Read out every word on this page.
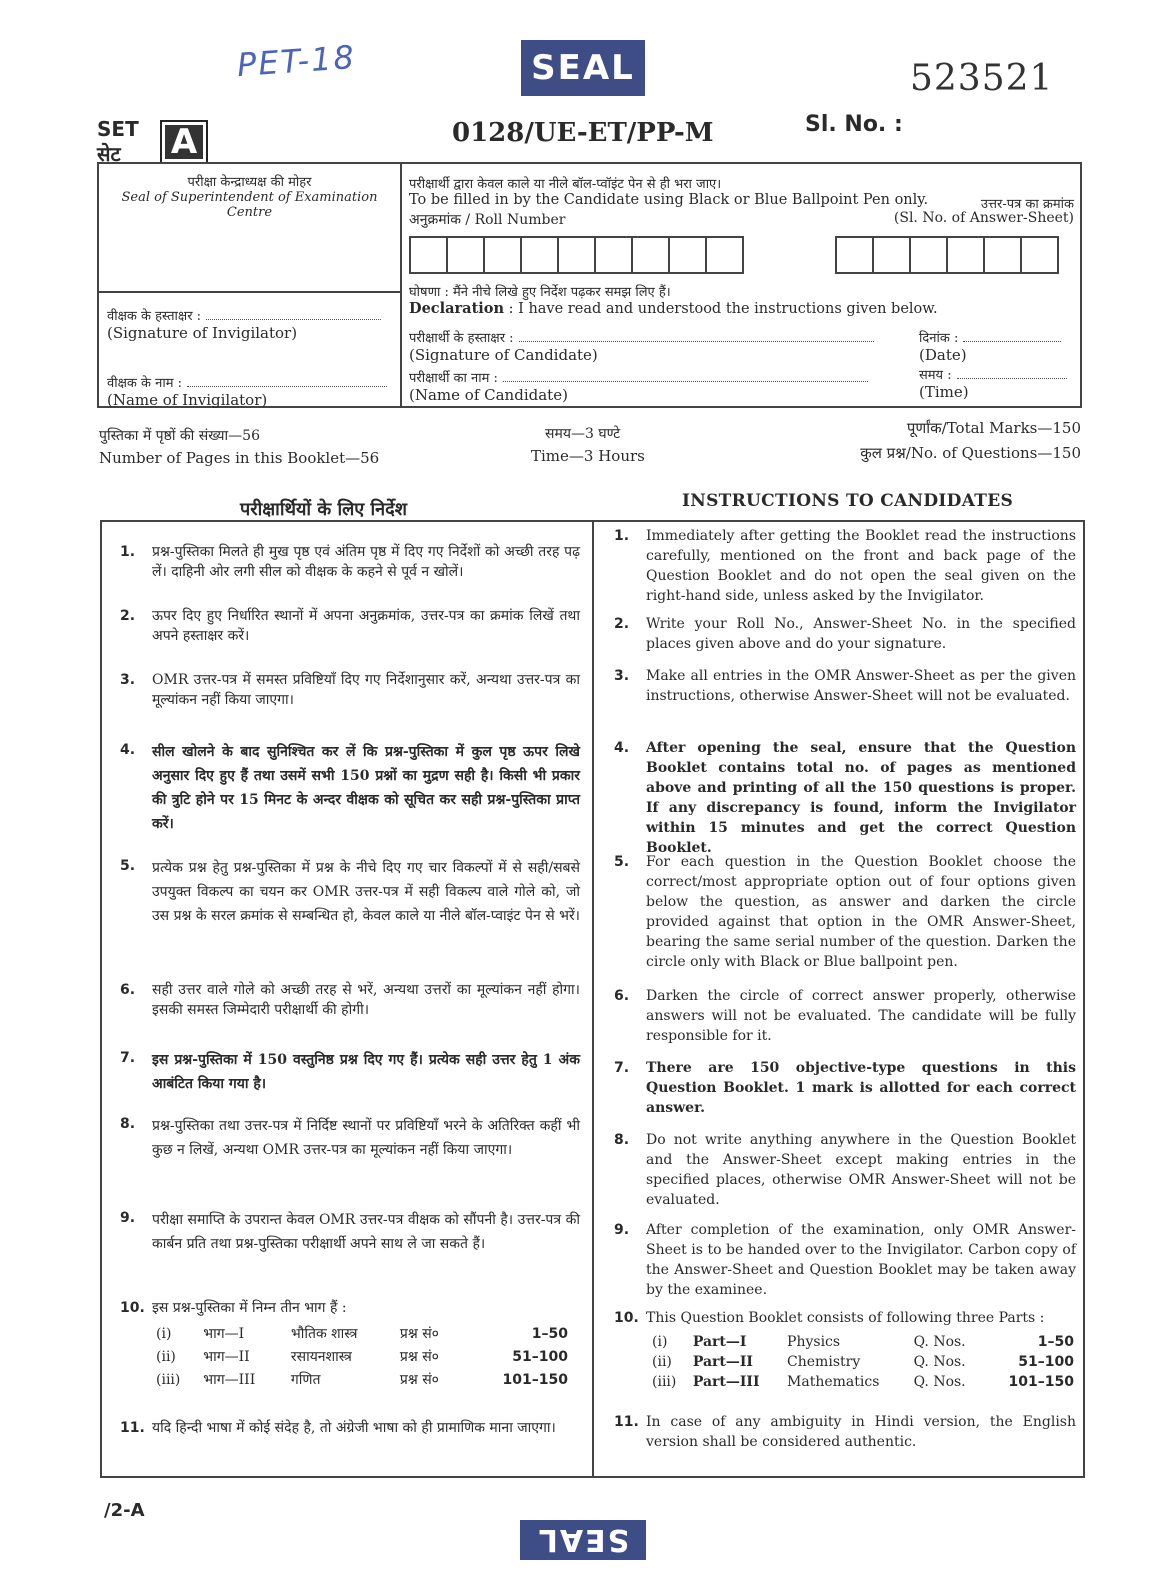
PET-18	SEAL	523521
SET
सेट A	0128/UE-ET/PP-M	Sl. No. :
परीक्षा केन्द्राध्यक्ष की मोहर
Seal of Superintendent of Examination Centre
वीक्षक के हस्ताक्षर :
(Signature of Invigilator)
वीक्षक के नाम :
(Name of Invigilator)
परीक्षार्थी द्वारा केवल काले या नीले बॉल-प्वॉइंट पेन से ही भरा जाए।
To be filled in by the Candidate using Black or Blue Ballpoint Pen only.	उत्तर-पत्र का क्रमांक
अनुक्रमांक / Roll Number	(Sl. No. of Answer-Sheet)
घोषणा : मैंने नीचे लिखे हुए निर्देश पढ़कर समझ लिए हैं।
Declaration : I have read and understood the instructions given below.
परीक्षार्थी के हस्ताक्षर :
(Signature of Candidate)
परीक्षार्थी का नाम :
(Name of Candidate)
दिनांक :
(Date)
समय :
(Time)
पुस्तिका में पृष्ठों की संख्या—56
Number of Pages in this Booklet—56
समय—3 घण्टे
Time—3 Hours
पूर्णांक/Total Marks—150
कुल प्रश्न/No. of Questions—150
परीक्षार्थियों के लिए निर्देश	INSTRUCTIONS TO CANDIDATES
1. प्रश्न-पुस्तिका मिलते ही मुख पृष्ठ एवं अंतिम पृष्ठ में दिए गए निर्देशों को अच्छी तरह पढ़ लें। दाहिनी ओर लगी सील को वीक्षक के कहने से पूर्व न खोलें।
2. ऊपर दिए हुए निर्धारित स्थानों में अपना अनुक्रमांक, उत्तर-पत्र का क्रमांक लिखें तथा अपने हस्ताक्षर करें।
3. OMR उत्तर-पत्र में समस्त प्रविष्टियाँ दिए गए निर्देशानुसार करें, अन्यथा उत्तर-पत्र का मूल्यांकन नहीं किया जाएगा।
4. सील खोलने के बाद सुनिश्चित कर लें कि प्रश्न-पुस्तिका में कुल पृष्ठ ऊपर लिखे अनुसार दिए हुए हैं तथा उसमें सभी 150 प्रश्नों का मुद्रण सही है। किसी भी प्रकार की त्रुटि होने पर 15 मिनट के अन्दर वीक्षक को सूचित कर सही प्रश्न-पुस्तिका प्राप्त करें।
5. प्रत्येक प्रश्न हेतु प्रश्न-पुस्तिका में प्रश्न के नीचे दिए गए चार विकल्पों में से सही/सबसे उपयुक्त विकल्प का चयन कर OMR उत्तर-पत्र में सही विकल्प वाले गोले को, जो उस प्रश्न के सरल क्रमांक से सम्बन्धित हो, केवल काले या नीले बॉल-प्वाइंट पेन से भरें।
6. सही उत्तर वाले गोले को अच्छी तरह से भरें, अन्यथा उत्तरों का मूल्यांकन नहीं होगा। इसकी समस्त जिम्मेदारी परीक्षार्थी की होगी।
7. इस प्रश्न-पुस्तिका में 150 वस्तुनिष्ठ प्रश्न दिए गए हैं। प्रत्येक सही उत्तर हेतु 1 अंक आबंटित किया गया है।
8. प्रश्न-पुस्तिका तथा उत्तर-पत्र में निर्दिष्ट स्थानों पर प्रविष्टियाँ भरने के अतिरिक्त कहीं भी कुछ न लिखें, अन्यथा OMR उत्तर-पत्र का मूल्यांकन नहीं किया जाएगा।
9. परीक्षा समाप्ति के उपरान्त केवल OMR उत्तर-पत्र वीक्षक को सौंपनी है। उत्तर-पत्र की कार्बन प्रति तथा प्रश्न-पुस्तिका परीक्षार्थी अपने साथ ले जा सकते हैं।
10. इस प्रश्न-पुस्तिका में निम्न तीन भाग हैं :
(i)	भाग—I	भौतिक शास्त्र	प्रश्न सं०	1–50
(ii)	भाग—II	रसायनशास्त्र	प्रश्न सं०	51–100
(iii)	भाग—III	गणित	प्रश्न सं०	101–150
11. यदि हिन्दी भाषा में कोई संदेह है, तो अंग्रेजी भाषा को ही प्रामाणिक माना जाएगा।
1. Immediately after getting the Booklet read the instructions carefully, mentioned on the front and back page of the Question Booklet and do not open the seal given on the right-hand side, unless asked by the Invigilator.
2. Write your Roll No., Answer-Sheet No. in the specified places given above and do your signature.
3. Make all entries in the OMR Answer-Sheet as per the given instructions, otherwise Answer-Sheet will not be evaluated.
4. After opening the seal, ensure that the Question Booklet contains total no. of pages as mentioned above and printing of all the 150 questions is proper. If any discrepancy is found, inform the Invigilator within 15 minutes and get the correct Question Booklet.
5. For each question in the Question Booklet choose the correct/most appropriate option out of four options given below the question, as answer and darken the circle provided against that option in the OMR Answer-Sheet, bearing the same serial number of the question. Darken the circle only with Black or Blue ballpoint pen.
6. Darken the circle of correct answer properly, otherwise answers will not be evaluated. The candidate will be fully responsible for it.
7. There are 150 objective-type questions in this Question Booklet. 1 mark is allotted for each correct answer.
8. Do not write anything anywhere in the Question Booklet and the Answer-Sheet except making entries in the specified places, otherwise OMR Answer-Sheet will not be evaluated.
9. After completion of the examination, only OMR Answer-Sheet is to be handed over to the Invigilator. Carbon copy of the Answer-Sheet and Question Booklet may be taken away by the examinee.
10. This Question Booklet consists of following three Parts :
(i)	Part—I	Physics	Q. Nos.	1–50
(ii)	Part—II	Chemistry	Q. Nos.	51–100
(iii)	Part—III	Mathematics	Q. Nos.	101–150
11. In case of any ambiguity in Hindi version, the English version shall be considered authentic.
/2-A
SEAL
